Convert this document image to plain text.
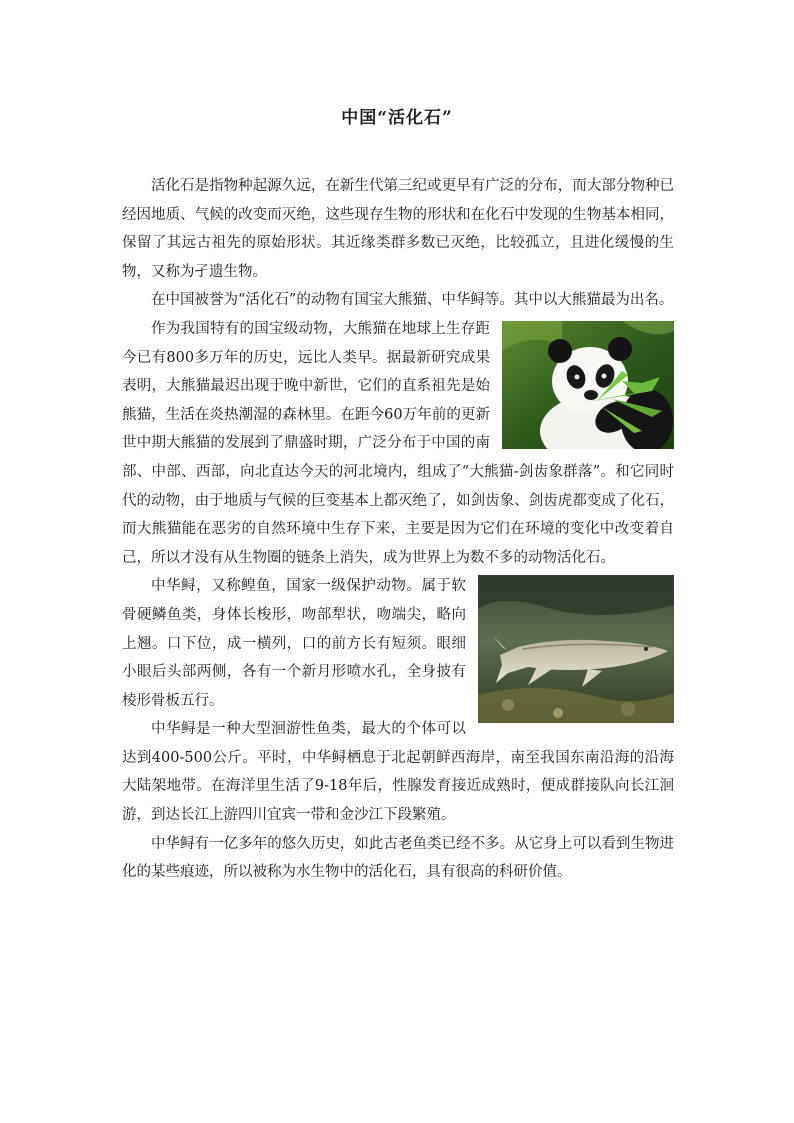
中国“活化石”

活化石是指物种起源久远，在新生代第三纪或更早有广泛的分布，而大部分物种已经因地质、气候的改变而灭绝，这些现存生物的形状和在化石中发现的生物基本相同，保留了其远古祖先的原始形状。其近缘类群多数已灭绝，比较孤立，且进化缓慢的生物，又称为孑遗生物。

在中国被誉为“活化石”的动物有国宝大熊猫、中华鲟等。其中以大熊猫最为出名。

作为我国特有的国宝级动物，大熊猫在地球上生存距今已有800多万年的历史，远比人类早。据最新研究成果表明，大熊猫最迟出现于晚中新世，它们的直系祖先是始熊猫，生活在炎热潮湿的森林里。在距今60万年前的更新世中期大熊猫的发展到了鼎盛时期，广泛分布于中国的南部、中部、西部，向北直达今天的河北境内，组成了“大熊猫-剑齿象群落”。和它同时代的动物，由于地质与气候的巨变基本上都灭绝了，如剑齿象、剑齿虎都变成了化石，而大熊猫能在恶劣的自然环境中生存下来，主要是因为它们在环境的变化中改变着自己，所以才没有从生物圈的链条上消失，成为世界上为数不多的动物活化石。

中华鲟，又称鳇鱼，国家一级保护动物。属于软骨硬鳞鱼类，身体长梭形，吻部犁状，吻端尖，略向上翘。口下位，成一横列，口的前方长有短须。眼细小眼后头部两侧，各有一个新月形喷水孔，全身披有棱形骨板五行。

中华鲟是一种大型洄游性鱼类，最大的个体可以达到400-500公斤。平时，中华鲟栖息于北起朝鲜西海岸，南至我国东南沿海的沿海大陆架地带。在海洋里生活了9-18年后，性腺发育接近成熟时，便成群接队向长江洄游，到达长江上游四川宜宾一带和金沙江下段繁殖。

中华鲟有一亿多年的悠久历史，如此古老鱼类已经不多。从它身上可以看到生物进化的某些痕迹，所以被称为水生物中的活化石，具有很高的科研价值。
